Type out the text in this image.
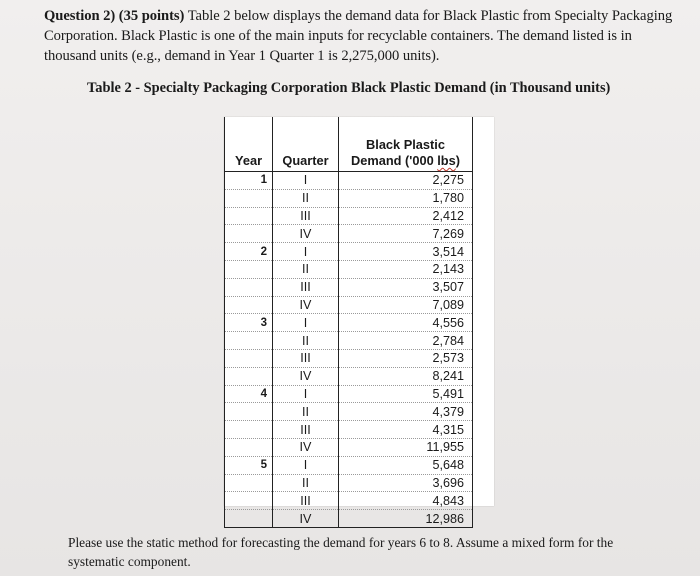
Question 2) (35 points) Table 2 below displays the demand data for Black Plastic from Specialty Packaging Corporation. Black Plastic is one of the main inputs for recyclable containers. The demand listed is in thousand units (e.g., demand in Year 1 Quarter 1 is 2,275,000 units).
Table 2 - Specialty Packaging Corporation Black Plastic Demand (in Thousand units)
Year	Quarter	Black Plastic
Demand ('000 lbs)

1	I	2,275
	II	1,780
	III	2,412
	IV	7,269
2	I	3,514
	II	2,143
	III	3,507
	IV	7,089
3	I	4,556
	II	2,784
	III	2,573
	IV	8,241
4	I	5,491
	II	4,379
	III	4,315
	IV	11,955
5	I	5,648
	II	3,696
	III	4,843
	IV	12,986
Please use the static method for forecasting the demand for years 6 to 8. Assume a mixed form for the systematic component.
